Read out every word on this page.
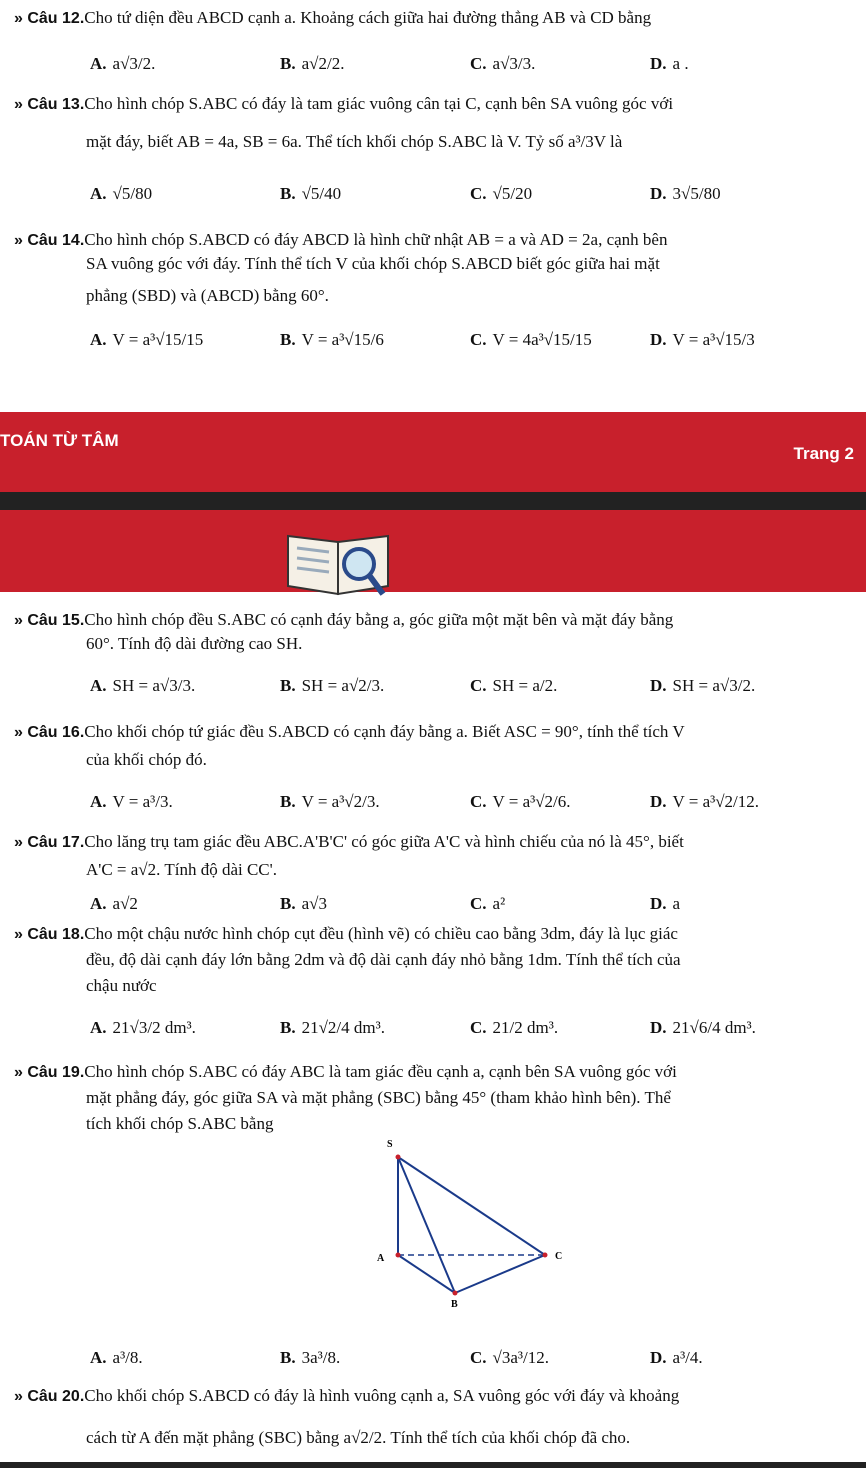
» Câu 12.Cho tứ diện đều ABCD cạnh a. Khoảng cách giữa hai đường thẳng AB và CD bằng
A. a√3/2.	B. a√2/2.	C. a√3/3.	D. a .
» Câu 13.Cho hình chóp S.ABC có đáy là tam giác vuông cân tại C, cạnh bên SA vuông góc với
mặt đáy, biết AB = 4a, SB = 6a. Thể tích khối chóp S.ABC là V. Tỷ số a³/3V là
A. √5/80	B. √5/40	C. √5/20	D. 3√5/80
» Câu 14.Cho hình chóp S.ABCD có đáy ABCD là hình chữ nhật AB = a và AD = 2a, cạnh bên
SA vuông góc với đáy. Tính thể tích V của khối chóp S.ABCD biết góc giữa hai mặt
phẳng (SBD) và (ABCD) bằng 60°.
A. V = a³√15/15	B. V = a³√15/6	C. V = 4a³√15/15	D. V = a³√15/3
TOÁN TỪ TÂM
Trang 2
» Câu 15.Cho hình chóp đều S.ABC có cạnh đáy bằng a, góc giữa một mặt bên và mặt đáy bằng
60°. Tính độ dài đường cao SH.
A. SH = a√3/3.	B. SH = a√2/3.	C. SH = a/2.	D. SH = a√3/2.
» Câu 16.Cho khối chóp tứ giác đều S.ABCD có cạnh đáy bằng a. Biết ASC = 90°, tính thể tích V
của khối chóp đó.
A. V = a³/3.	B. V = a³√2/3.	C. V = a³√2/6.	D. V = a³√2/12.
» Câu 17.Cho lăng trụ tam giác đều ABC.A'B'C' có góc giữa A'C và hình chiếu của nó là 45°, biết
A'C = a√2. Tính độ dài CC'.
A. a√2	B. a√3	C. a²	D. a
» Câu 18.Cho một chậu nước hình chóp cụt đều (hình vẽ) có chiều cao bằng 3dm, đáy là lục giác
đều, độ dài cạnh đáy lớn bằng 2dm và độ dài cạnh đáy nhỏ bằng 1dm. Tính thể tích của
chậu nước
A. 21√3/2 dm³.	B. 21√2/4 dm³.	C. 21/2 dm³.	D. 21√6/4 dm³.
» Câu 19.Cho hình chóp S.ABC có đáy ABC là tam giác đều cạnh a, cạnh bên SA vuông góc với
mặt phẳng đáy, góc giữa SA và mặt phẳng (SBC) bằng 45° (tham khảo hình bên). Thể
tích khối chóp S.ABC bằng
S
A
B
C
A. a³/8.	B. 3a³/8.	C. √3a³/12.	D. a³/4.
» Câu 20.Cho khối chóp S.ABCD có đáy là hình vuông cạnh a, SA vuông góc với đáy và khoảng
cách từ A đến mặt phẳng (SBC) bằng a√2/2. Tính thể tích của khối chóp đã cho.
